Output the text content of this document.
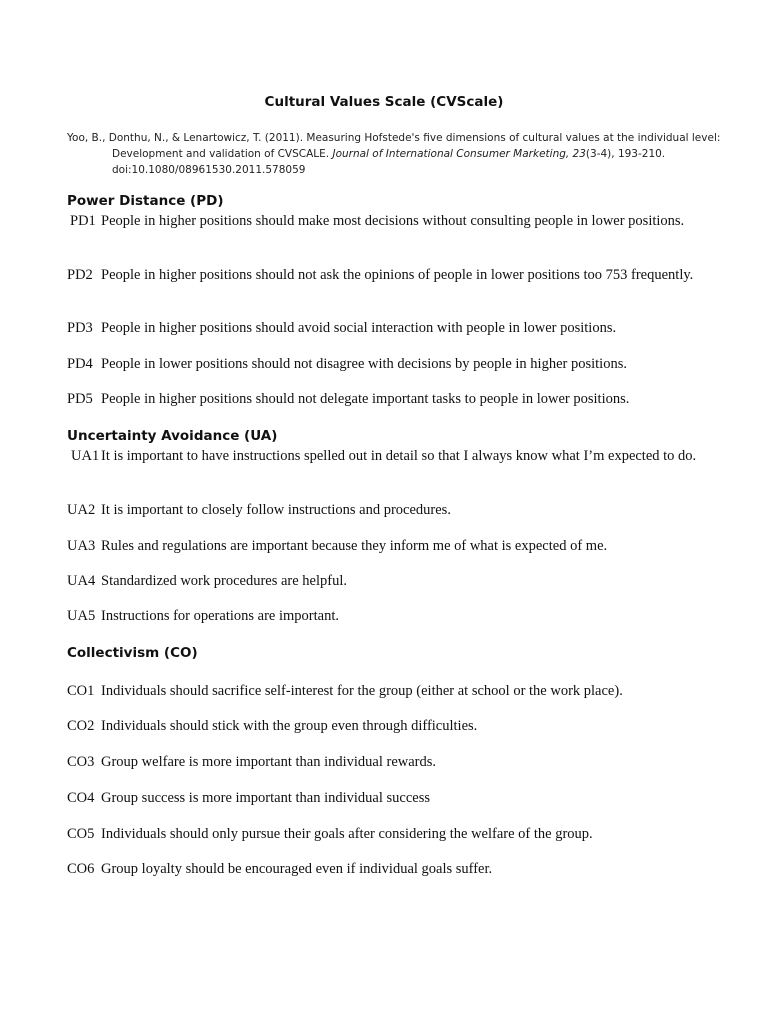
Cultural Values Scale (CVScale)
Yoo, B., Donthu, N., & Lenartowicz, T. (2011). Measuring Hofstede's five dimensions of cultural values at the individual level:
Development and validation of CVSCALE. Journal of International Consumer Marketing, 23(3-4), 193-210.
doi:10.1080/08961530.2011.578059
Power Distance (PD)
PD1 People in higher positions should make most decisions without consulting people in lower positions.
PD2 People in higher positions should not ask the opinions of people in lower positions too 753 frequently.
PD3 People in higher positions should avoid social interaction with people in lower positions.
PD4 People in lower positions should not disagree with decisions by people in higher positions.
PD5 People in higher positions should not delegate important tasks to people in lower positions.
Uncertainty Avoidance (UA)
UA1 It is important to have instructions spelled out in detail so that I always know what I’m expected to do.
UA2 It is important to closely follow instructions and procedures.
UA3 Rules and regulations are important because they inform me of what is expected of me.
UA4 Standardized work procedures are helpful.
UA5 Instructions for operations are important.
Collectivism (CO)
CO1 Individuals should sacrifice self-interest for the group (either at school or the work place).
CO2 Individuals should stick with the group even through difficulties.
CO3 Group welfare is more important than individual rewards.
CO4 Group success is more important than individual success
CO5 Individuals should only pursue their goals after considering the welfare of the group.
CO6 Group loyalty should be encouraged even if individual goals suffer.
